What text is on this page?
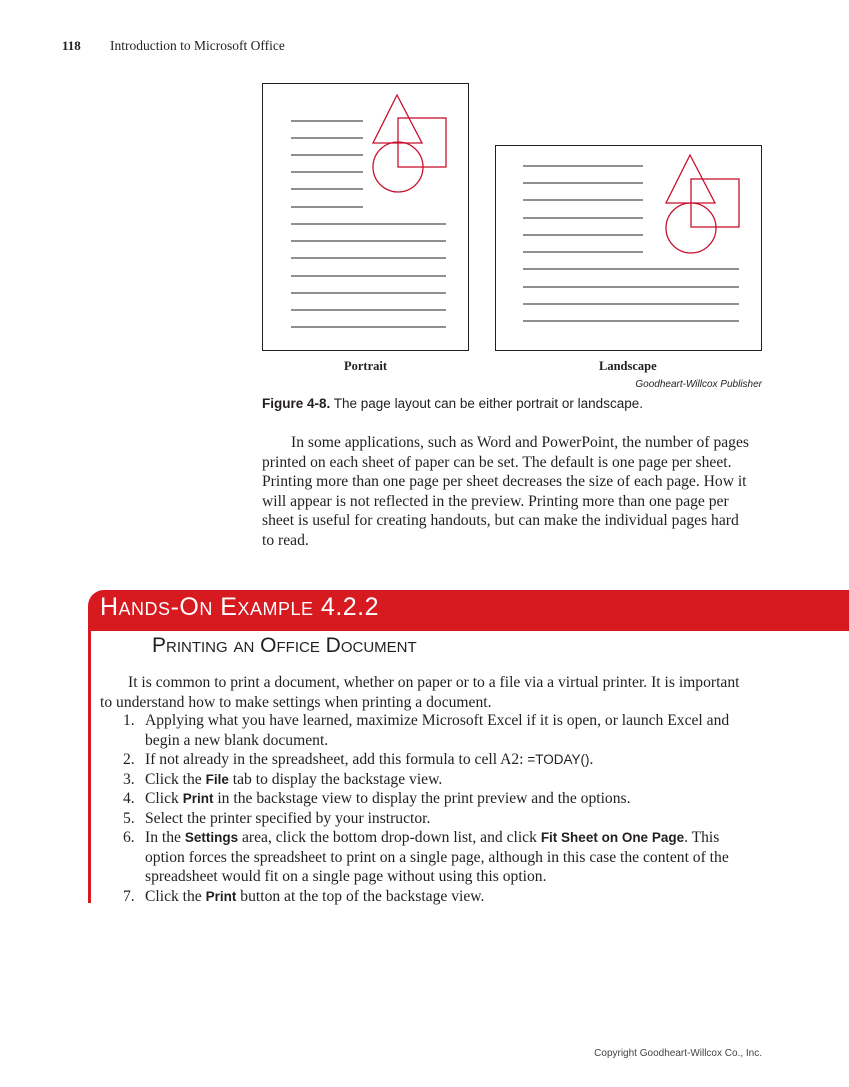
118 Introduction to Microsoft Office
Portrait	Landscape
Goodheart-Willcox Publisher
Figure 4-8. The page layout can be either portrait or landscape.

In some applications, such as Word and PowerPoint, the number of pages printed on each sheet of paper can be set. The default is one page per sheet. Printing more than one page per sheet decreases the size of each page. How it will appear is not reflected in the preview. Printing more than one page per sheet is useful for creating handouts, but can make the individual pages hard to read.

Hands-On Example 4.2.2
Printing an Office Document

It is common to print a document, whether on paper or to a file via a virtual printer. It is important to understand how to make settings when printing a document.

1. Applying what you have learned, maximize Microsoft Excel if it is open, or launch Excel and begin a new blank document.
2. If not already in the spreadsheet, add this formula to cell A2: =TODAY().
3. Click the File tab to display the backstage view.
4. Click Print in the backstage view to display the print preview and the options.
5. Select the printer specified by your instructor.
6. In the Settings area, click the bottom drop-down list, and click Fit Sheet on One Page. This option forces the spreadsheet to print on a single page, although in this case the content of the spreadsheet would fit on a single page without using this option.
7. Click the Print button at the top of the backstage view.
Copyright Goodheart-Willcox Co., Inc.
